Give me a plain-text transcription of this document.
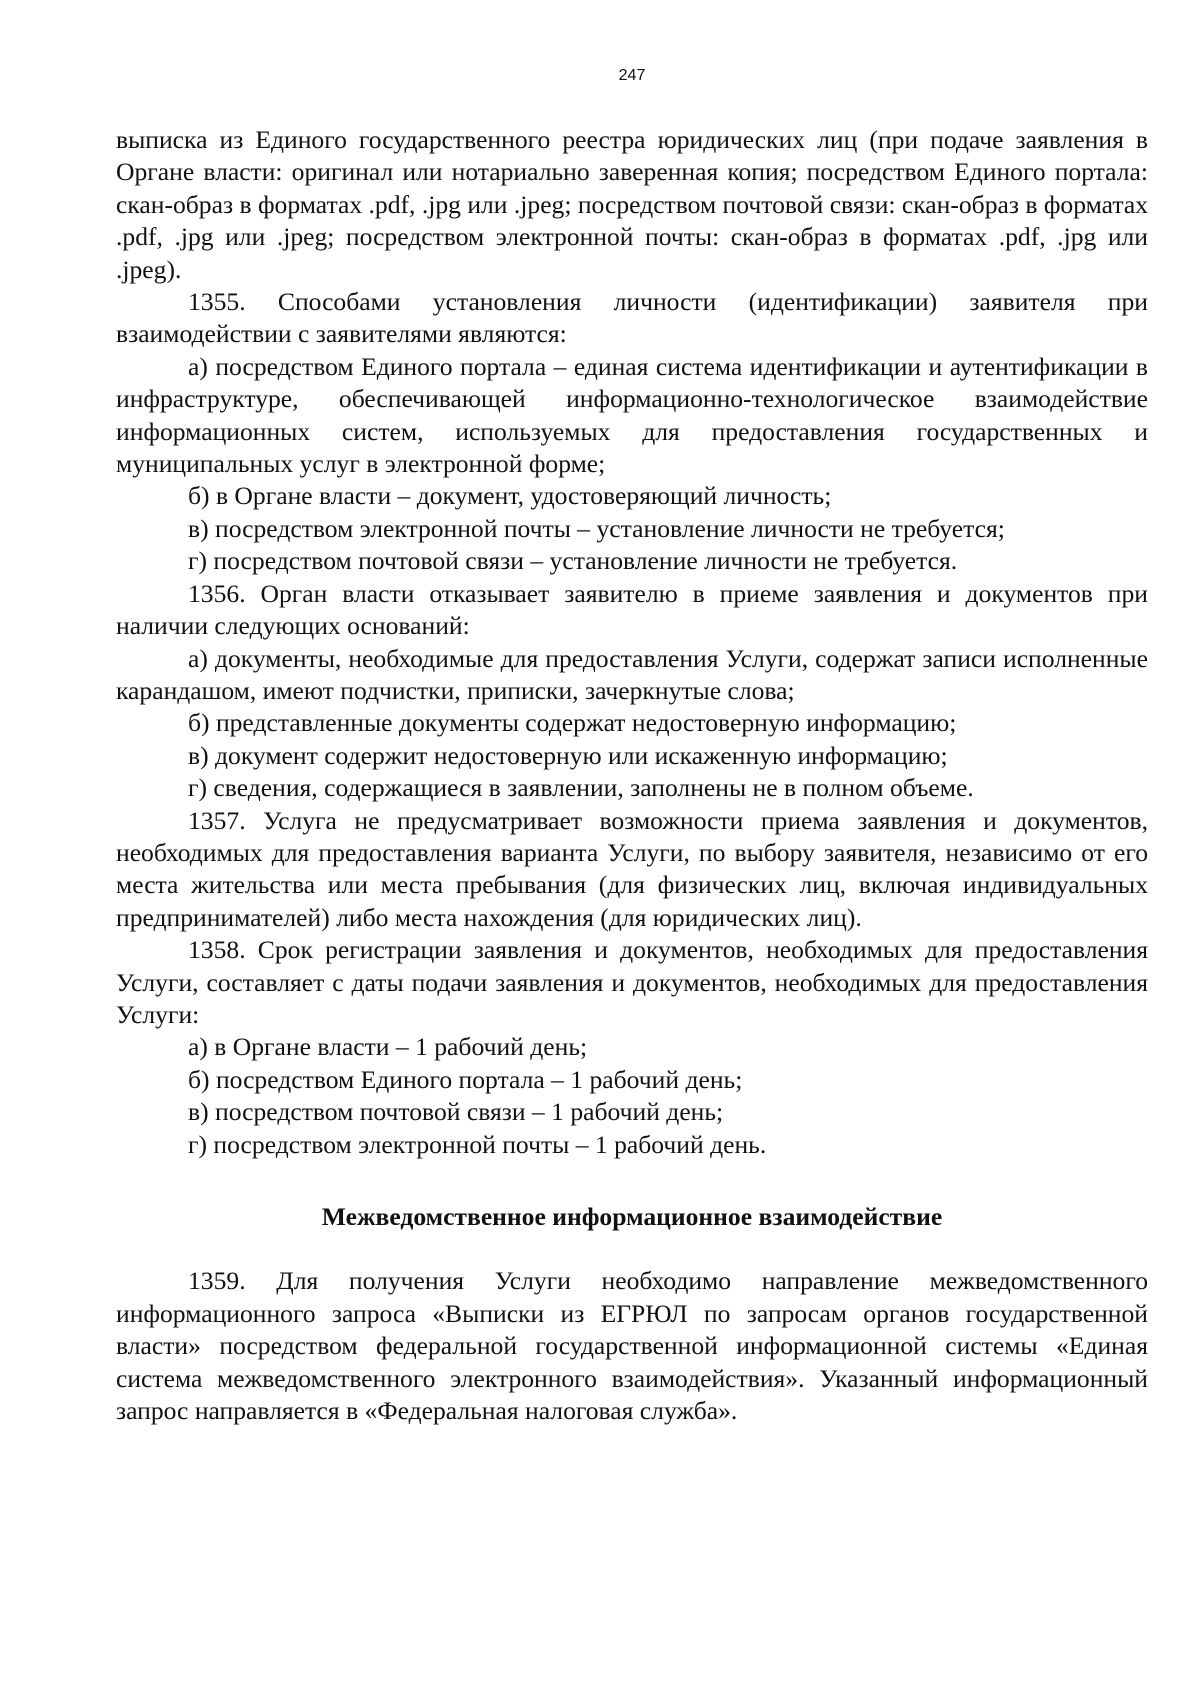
247

выписка из Единого государственного реестра юридических лиц (при подаче заявления в Органе власти: оригинал или нотариально заверенная копия; посредством Единого портала: скан-образ в форматах .pdf, .jpg или .jpeg; посредством почтовой связи: скан-образ в форматах .pdf, .jpg или .jpeg; посредством электронной почты: скан-образ в форматах .pdf, .jpg или .jpeg).

1355. Способами установления личности (идентификации) заявителя при взаимодействии с заявителями являются:

а) посредством Единого портала – единая система идентификации и аутентификации в инфраструктуре, обеспечивающей информационно-технологическое взаимодействие информационных систем, используемых для предоставления государственных и муниципальных услуг в электронной форме;

б) в Органе власти – документ, удостоверяющий личность;

в) посредством электронной почты – установление личности не требуется;

г) посредством почтовой связи – установление личности не требуется.

1356. Орган власти отказывает заявителю в приеме заявления и документов при наличии следующих оснований:

а) документы, необходимые для предоставления Услуги, содержат записи исполненные карандашом, имеют подчистки, приписки, зачеркнутые слова;

б) представленные документы содержат недостоверную информацию;

в) документ содержит недостоверную или искаженную информацию;

г) сведения, содержащиеся в заявлении, заполнены не в полном объеме.

1357. Услуга не предусматривает возможности приема заявления и документов, необходимых для предоставления варианта Услуги, по выбору заявителя, независимо от его места жительства или места пребывания (для физических лиц, включая индивидуальных предпринимателей) либо места нахождения (для юридических лиц).

1358. Срок регистрации заявления и документов, необходимых для предоставления Услуги, составляет с даты подачи заявления и документов, необходимых для предоставления Услуги:

а) в Органе власти – 1 рабочий день;

б) посредством Единого портала – 1 рабочий день;

в) посредством почтовой связи – 1 рабочий день;

г) посредством электронной почты – 1 рабочий день.

Межведомственное информационное взаимодействие

1359. Для получения Услуги необходимо направление межведомственного информационного запроса «Выписки из ЕГРЮЛ по запросам органов государственной власти» посредством федеральной государственной информационной системы «Единая система межведомственного электронного взаимодействия». Указанный информационный запрос направляется в «Федеральная налоговая служба».
